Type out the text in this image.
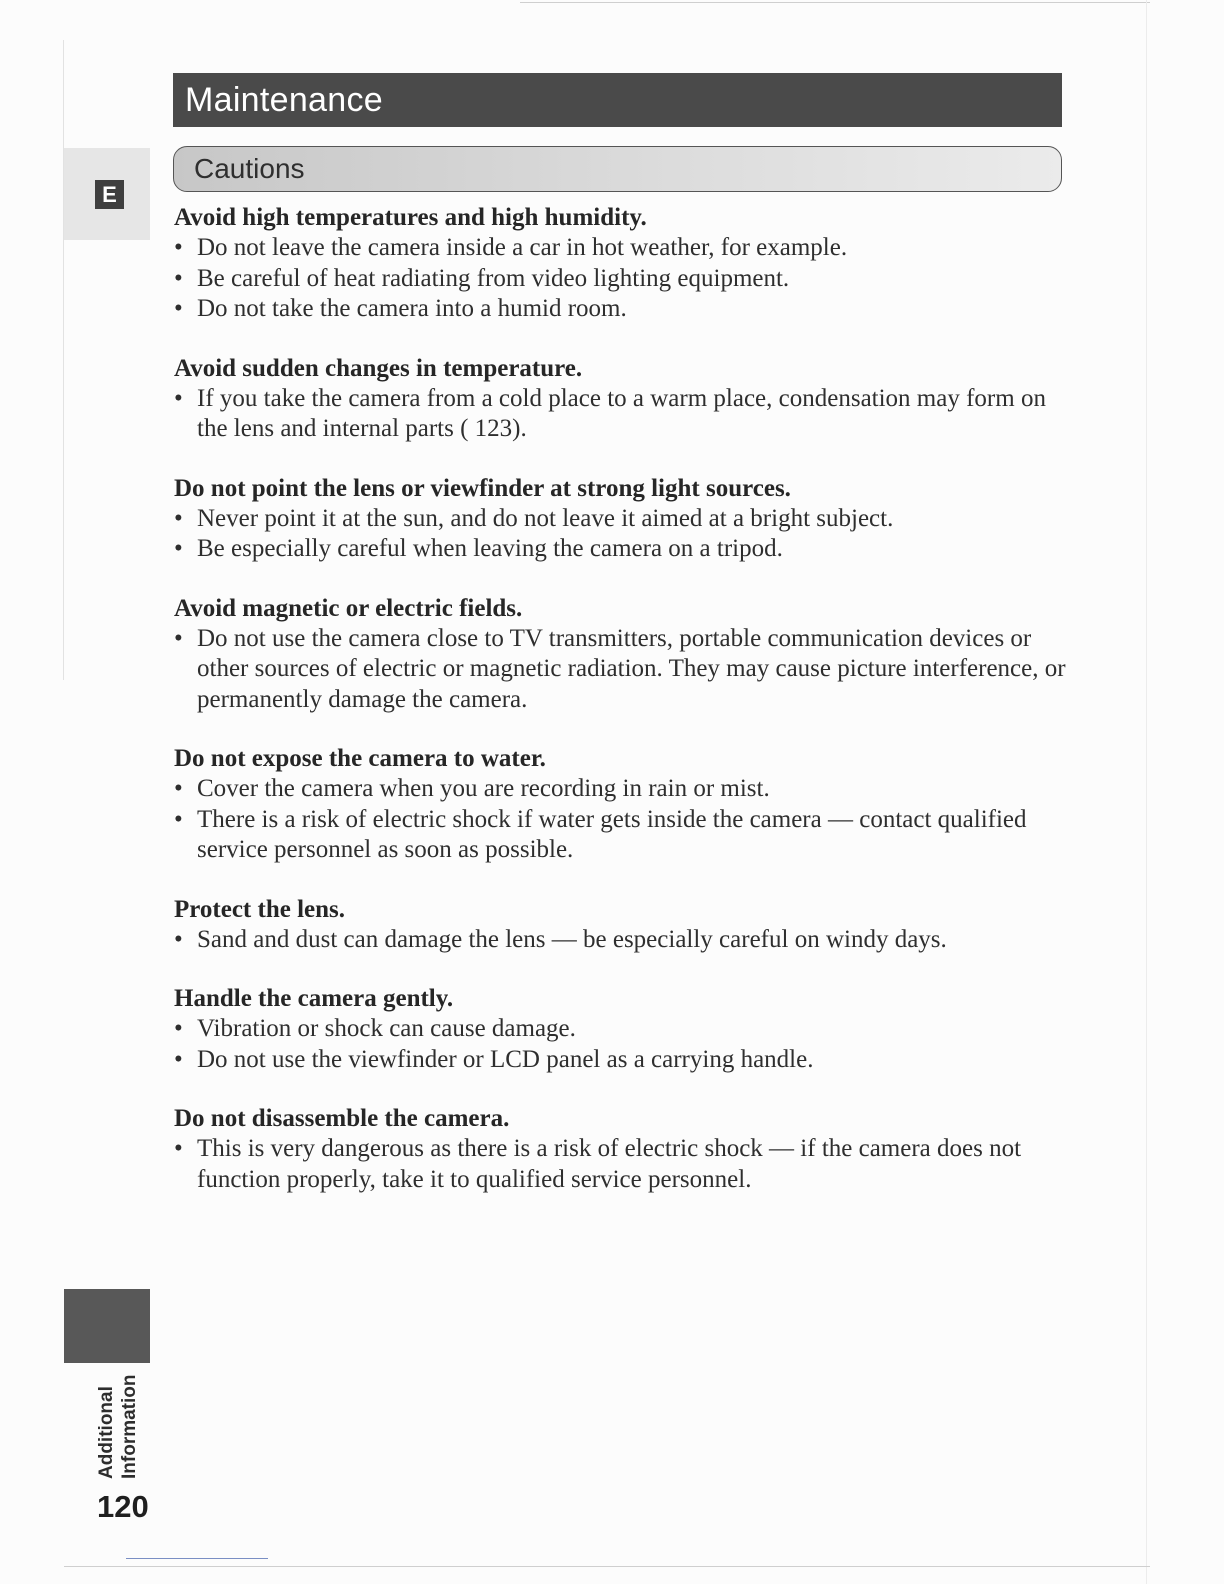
E
Maintenance
Cautions
Avoid high temperatures and high humidity.
• Do not leave the camera inside a car in hot weather, for example.
• Be careful of heat radiating from video lighting equipment.
• Do not take the camera into a humid room.
Avoid sudden changes in temperature.
• If you take the camera from a cold place to a warm place, condensation may form on the lens and internal parts ( 123).
Do not point the lens or viewfinder at strong light sources.
• Never point it at the sun, and do not leave it aimed at a bright subject.
• Be especially careful when leaving the camera on a tripod.
Avoid magnetic or electric fields.
• Do not use the camera close to TV transmitters, portable communication devices or other sources of electric or magnetic radiation. They may cause picture interference, or permanently damage the camera.
Do not expose the camera to water.
• Cover the camera when you are recording in rain or mist.
• There is a risk of electric shock if water gets inside the camera — contact qualified service personnel as soon as possible.
Protect the lens.
• Sand and dust can damage the lens — be especially careful on windy days.
Handle the camera gently.
• Vibration or shock can cause damage.
• Do not use the viewfinder or LCD panel as a carrying handle.
Do not disassemble the camera.
• This is very dangerous as there is a risk of electric shock — if the camera does not function properly, take it to qualified service personnel.
Additional Information
120
